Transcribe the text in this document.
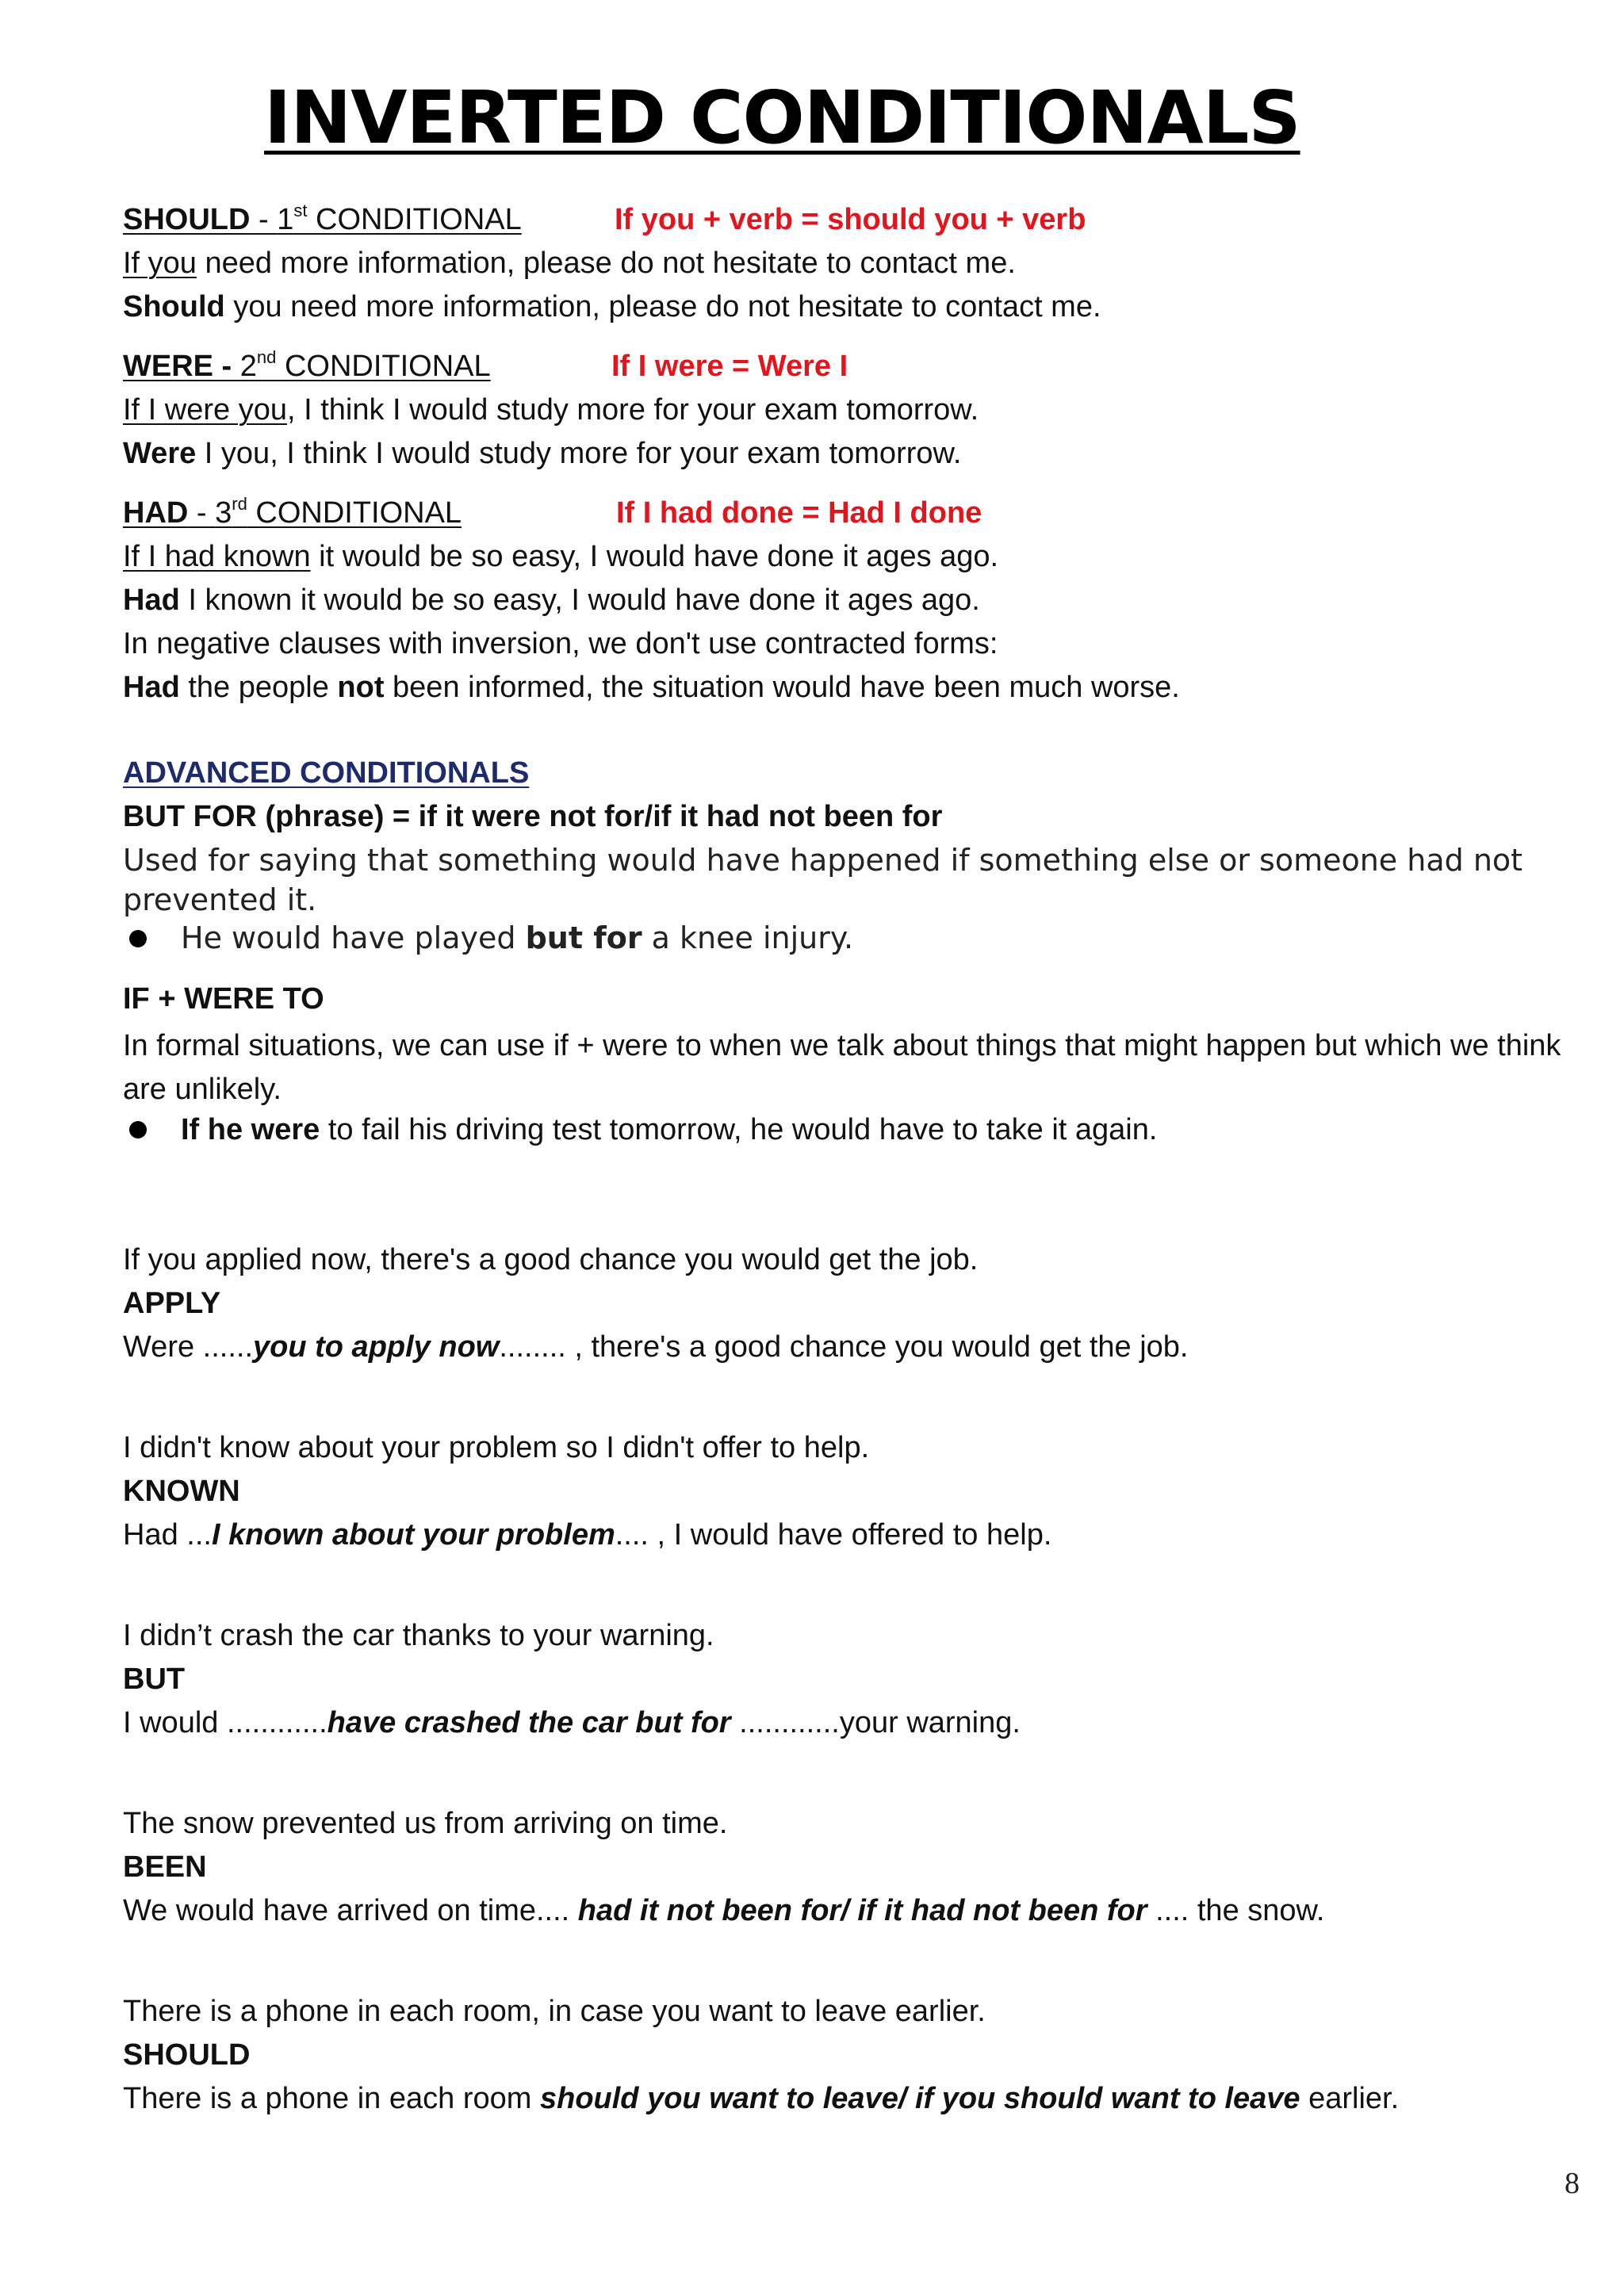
INVERTED CONDITIONALS
SHOULD - 1st CONDITIONAL	If you + verb = should you + verb
If you need more information, please do not hesitate to contact me.
Should you need more information, please do not hesitate to contact me.
WERE - 2nd CONDITIONAL	If I were = Were I
If I were you, I think I would study more for your exam tomorrow.
Were I you, I think I would study more for your exam tomorrow.
HAD - 3rd CONDITIONAL	If I had done = Had I done
If I had known it would be so easy, I would have done it ages ago.
Had I known it would be so easy, I would have done it ages ago.
In negative clauses with inversion, we don't use contracted forms:
Had the people not been informed, the situation would have been much worse.
ADVANCED CONDITIONALS
BUT FOR (phrase) = if it were not for/if it had not been for
Used for saying that something would have happened if something else or someone had not prevented it.
He would have played but for a knee injury.
IF + WERE TO
In formal situations, we can use if + were to when we talk about things that might happen but which we think are unlikely.
If he were to fail his driving test tomorrow, he would have to take it again.
If you applied now, there's a good chance you would get the job.
APPLY
Were ......you to apply now........ , there's a good chance you would get the job.
I didn't know about your problem so I didn't offer to help.
KNOWN
Had ...I known about your problem.... , I would have offered to help.
I didn’t crash the car thanks to your warning.
BUT
I would ............have crashed the car but for ............your warning.
The snow prevented us from arriving on time.
BEEN
We would have arrived on time.... had it not been for/ if it had not been for .... the snow.
There is a phone in each room, in case you want to leave earlier.
SHOULD
There is a phone in each room should you want to leave/ if you should want to leave earlier.
8
